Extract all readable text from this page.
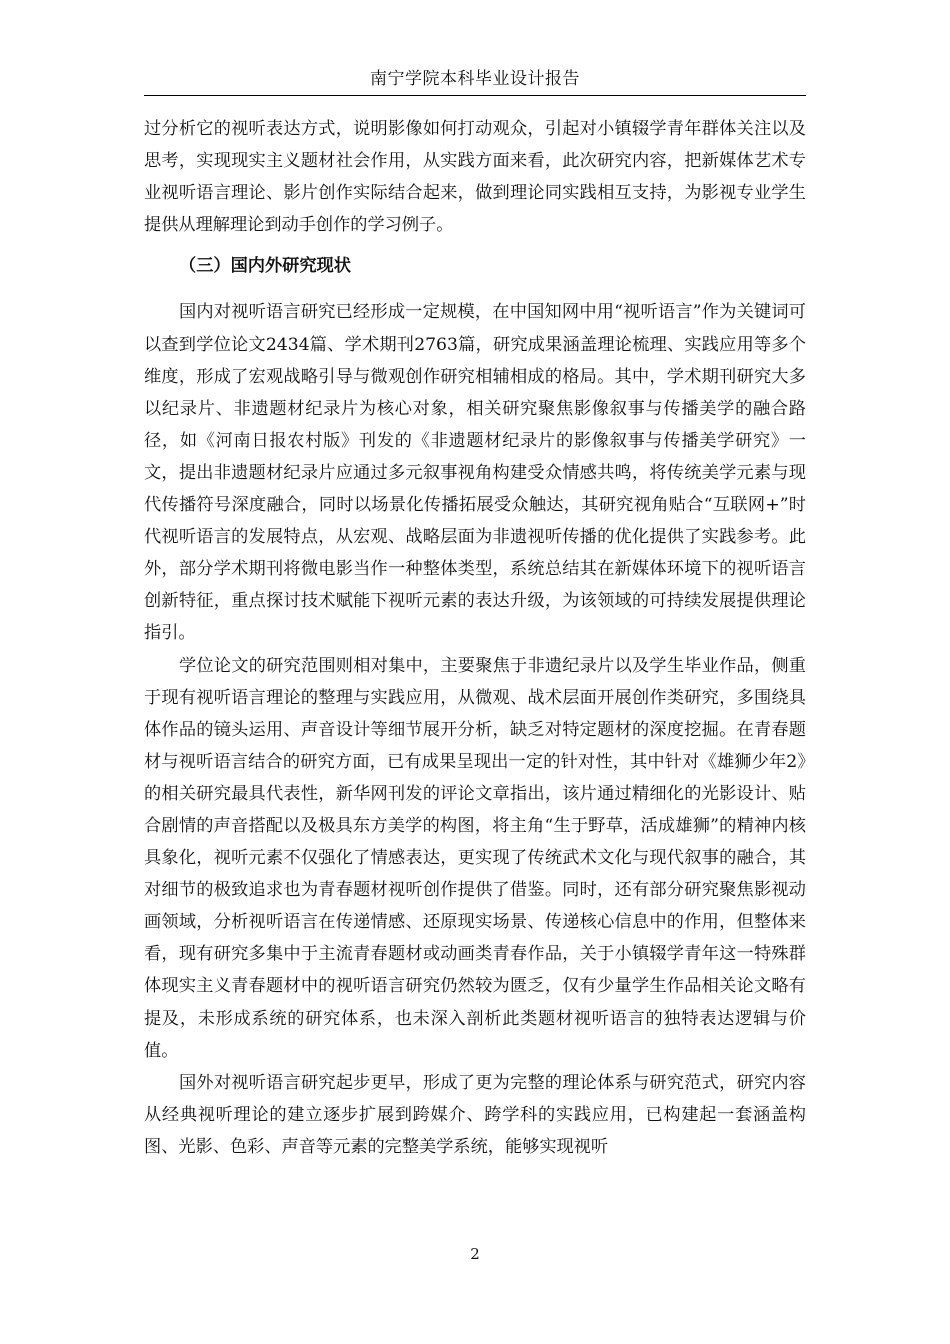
南宁学院本科毕业设计报告

过分析它的视听表达方式，说明影像如何打动观众，引起对小镇辍学青年群体关注以及思考，实现现实主义题材社会作用，从实践方面来看，此次研究内容，把新媒体艺术专业视听语言理论、影片创作实际结合起来，做到理论同实践相互支持，为影视专业学生提供从理解理论到动手创作的学习例子。

（三）国内外研究现状

国内对视听语言研究已经形成一定规模，在中国知网中用“视听语言”作为关键词可以查到学位论文2434篇、学术期刊2763篇，研究成果涵盖理论梳理、实践应用等多个维度，形成了宏观战略引导与微观创作研究相辅相成的格局。其中，学术期刊研究大多以纪录片、非遗题材纪录片为核心对象，相关研究聚焦影像叙事与传播美学的融合路径，如《河南日报农村版》刊发的《非遗题材纪录片的影像叙事与传播美学研究》一文，提出非遗题材纪录片应通过多元叙事视角构建受众情感共鸣，将传统美学元素与现代传播符号深度融合，同时以场景化传播拓展受众触达，其研究视角贴合“互联网+”时代视听语言的发展特点，从宏观、战略层面为非遗视听传播的优化提供了实践参考。此外，部分学术期刊将微电影当作一种整体类型，系统总结其在新媒体环境下的视听语言创新特征，重点探讨技术赋能下视听元素的表达升级，为该领域的可持续发展提供理论指引。

学位论文的研究范围则相对集中，主要聚焦于非遗纪录片以及学生毕业作品，侧重于现有视听语言理论的整理与实践应用，从微观、战术层面开展创作类研究，多围绕具体作品的镜头运用、声音设计等细节展开分析，缺乏对特定题材的深度挖掘。在青春题材与视听语言结合的研究方面，已有成果呈现出一定的针对性，其中针对《雄狮少年2》的相关研究最具代表性，新华网刊发的评论文章指出，该片通过精细化的光影设计、贴合剧情的声音搭配以及极具东方美学的构图，将主角“生于野草，活成雄狮”的精神内核具象化，视听元素不仅强化了情感表达，更实现了传统武术文化与现代叙事的融合，其对细节的极致追求也为青春题材视听创作提供了借鉴。同时，还有部分研究聚焦影视动画领域，分析视听语言在传递情感、还原现实场景、传递核心信息中的作用，但整体来看，现有研究多集中于主流青春题材或动画类青春作品，关于小镇辍学青年这一特殊群体现实主义青春题材中的视听语言研究仍然较为匮乏，仅有少量学生作品相关论文略有提及，未形成系统的研究体系，也未深入剖析此类题材视听语言的独特表达逻辑与价值。

国外对视听语言研究起步更早，形成了更为完整的理论体系与研究范式，研究内容从经典视听理论的建立逐步扩展到跨媒介、跨学科的实践应用，已构建起一套涵盖构图、光影、色彩、声音等元素的完整美学系统，能够实现视听

2
